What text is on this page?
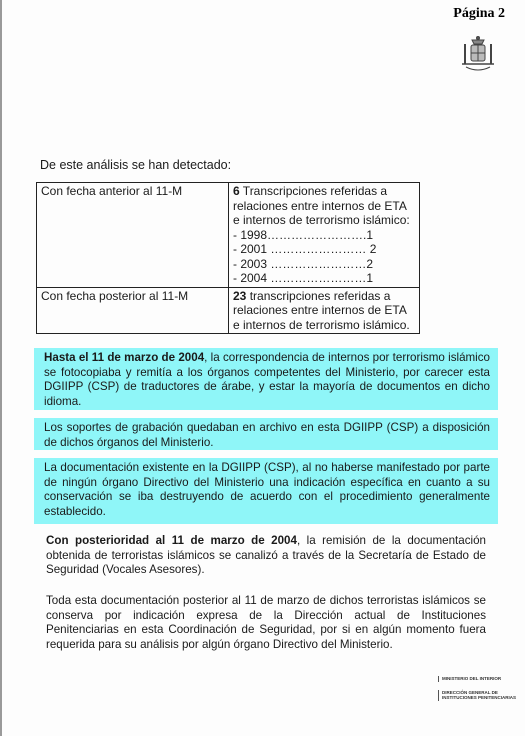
Página 2
De este análisis se han detectado:
Con fecha anterior al 11-M	6 Transcripciones referidas a relaciones entre internos de ETA e internos de terrorismo islámico:
- 1998…………………….1
- 2001 …………………… 2
- 2003 ……………………2
- 2004 ……………………1

Con fecha posterior al 11-M	23 transcripciones referidas a relaciones entre internos de ETA e internos de terrorismo islámico.
Hasta el 11 de marzo de 2004, la correspondencia de internos por terrorismo islámico se fotocopiaba y remitía a los órganos competentes del Ministerio, por carecer esta DGIIPP (CSP) de traductores de árabe, y estar la mayoría de documentos en dicho idioma.
Los soportes de grabación quedaban en archivo en esta DGIIPP (CSP) a disposición de dichos órganos del Ministerio.
La documentación existente en la DGIIPP (CSP), al no haberse manifestado por parte de ningún órgano Directivo del Ministerio una indicación específica en cuanto a su conservación se iba destruyendo de acuerdo con el procedimiento generalmente establecido.
Con posterioridad al 11 de marzo de 2004, la remisión de la documentación obtenida de terroristas islámicos se canalizó a través de la Secretaría de Estado de Seguridad (Vocales Asesores).
Toda esta documentación posterior al 11 de marzo de dichos terroristas islámicos se conserva por indicación expresa de la Dirección actual de Instituciones Penitenciarias en esta Coordinación de Seguridad, por si en algún momento fuera requerida para su análisis por algún órgano Directivo del Ministerio.
MINISTERIO DEL INTERIOR
DIRECCIÓN GENERAL DE INSTITUCIONES PENITENCIARIAS
